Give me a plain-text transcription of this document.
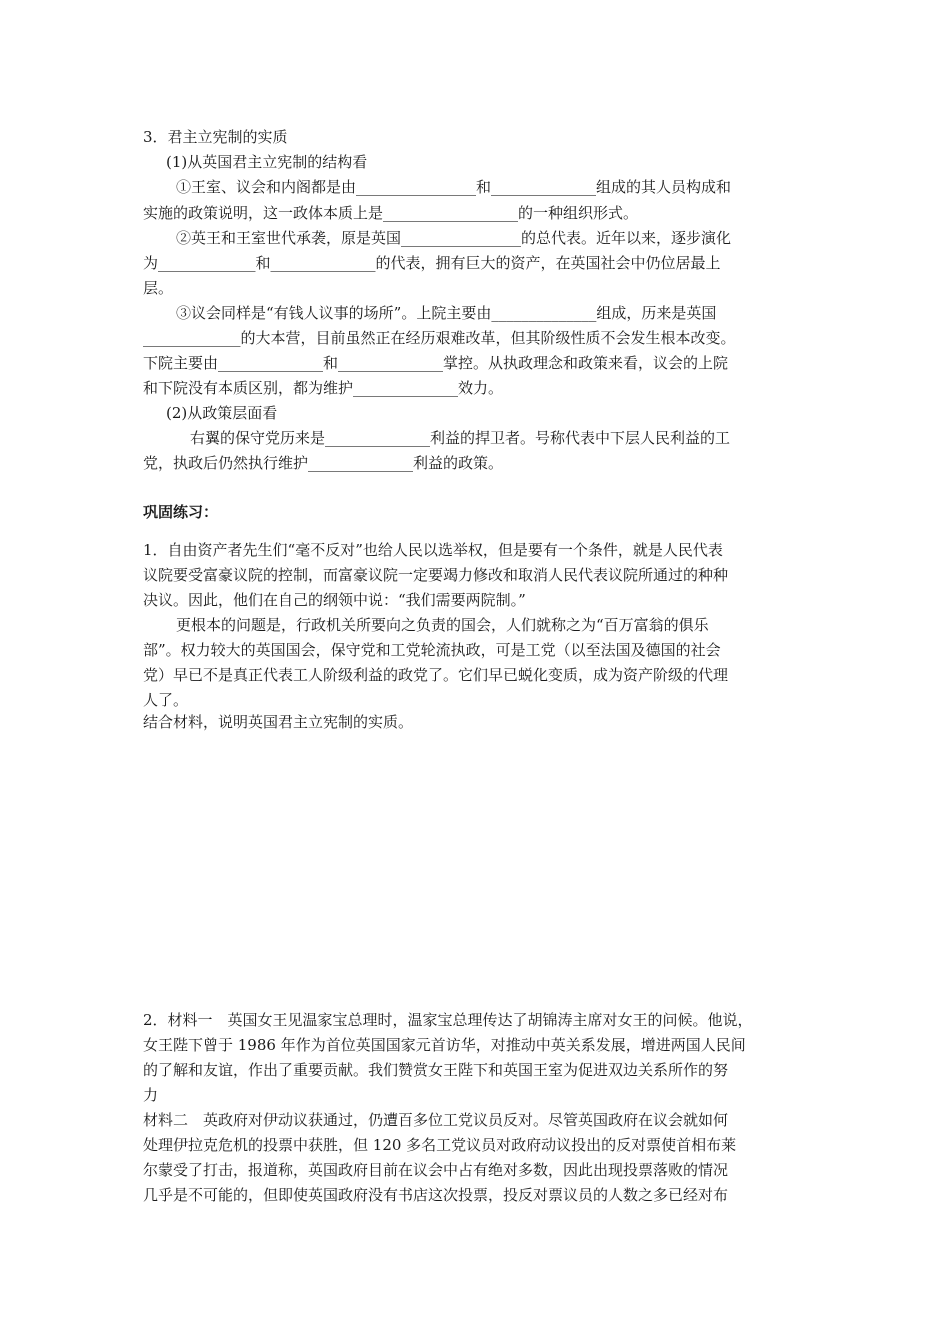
3．君主立宪制的实质

(1)从英国君主立宪制的结构看

①王室、议会和内阁都是由________________和______________组成的其人员构成和

实施的政策说明，这一政体本质上是__________________的一种组织形式。

②英王和王室世代承袭，原是英国________________的总代表。近年以来，逐步演化

为_____________和______________的代表，拥有巨大的资产，在英国社会中仍位居最上

层。

③议会同样是“有钱人议事的场所”。上院主要由______________组成，历来是英国

_____________的大本营，目前虽然正在经历艰难改革，但其阶级性质不会发生根本改变。

下院主要由______________和______________掌控。从执政理念和政策来看，议会的上院

和下院没有本质区别，都为维护______________效力。

(2)从政策层面看

右翼的保守党历来是______________利益的捍卫者。号称代表中下层人民利益的工

党，执政后仍然执行维护______________利益的政策。

巩固练习：

1．自由资产者先生们“毫不反对”也给人民以选举权，但是要有一个条件，就是人民代表

议院要受富豪议院的控制，而富豪议院一定要竭力修改和取消人民代表议院所通过的种种

决议。因此，他们在自己的纲领中说：“我们需要两院制。”

更根本的问题是，行政机关所要向之负责的国会，人们就称之为“百万富翁的俱乐

部”。权力较大的英国国会，保守党和工党轮流执政，可是工党（以至法国及德国的社会

党）早已不是真正代表工人阶级利益的政党了。它们早已蜕化变质，成为资产阶级的代理

人了。

结合材料，说明英国君主立宪制的实质。

2．材料一　英国女王见温家宝总理时，温家宝总理传达了胡锦涛主席对女王的问候。他说，

女王陛下曾于 1986 年作为首位英国国家元首访华，对推动中英关系发展，增进两国人民间

的了解和友谊，作出了重要贡献。我们赞赏女王陛下和英国王室为促进双边关系所作的努

力

材料二　英政府对伊动议获通过，仍遭百多位工党议员反对。尽管英国政府在议会就如何

处理伊拉克危机的投票中获胜，但 120 多名工党议员对政府动议投出的反对票使首相布莱

尔蒙受了打击，报道称，英国政府目前在议会中占有绝对多数，因此出现投票落败的情况

几乎是不可能的，但即使英国政府没有书店这次投票，投反对票议员的人数之多已经对布
